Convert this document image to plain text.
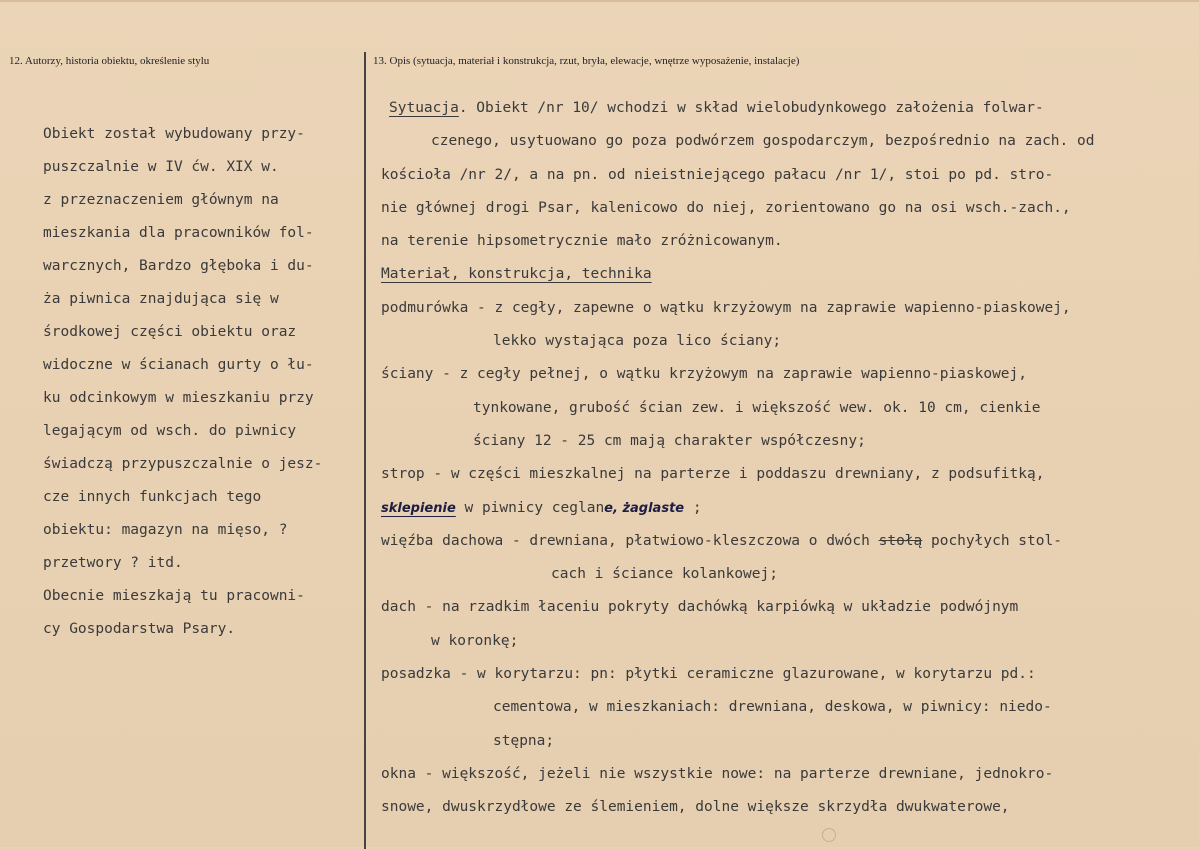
12. Autorzy, historia obiektu, określenie stylu	13. Opis (sytuacja, materiał i konstrukcja, rzut, bryła, elewacje, wnętrze wyposażenie, instalacje)
Obiekt został wybudowany przy-
puszczalnie w IV ćw. XIX w.
z przeznaczeniem głównym na
mieszkania dla pracowników fol-
warcznych, Bardzo głęboka i du-
ża piwnica znajdująca się w
środkowej części obiektu oraz
widoczne w ścianach gurty o łu-
ku odcinkowym w mieszkaniu przy
legającym od wsch. do piwnicy
świadczą przypuszczalnie o jesz-
cze innych funkcjach tego
obiektu: magazyn na mięso, ?
przetwory ? itd.
Obecnie mieszkają tu pracowni-
cy Gospodarstwa Psary.
Sytuacja. Obiekt /nr 10/ wchodzi w skład wielobudynkowego założenia folwar-
czenego, usytuowano go poza podwórzem gospodarczym, bezpośrednio na zach. od
kościoła /nr 2/, a na pn. od nieistniejącego pałacu /nr 1/, stoi po pd. stro-
nie głównej drogi Psar, kalenicowo do niej, zorientowano go na osi wsch.-zach.,
na terenie hipsometrycznie mało zróżnicowanym.
Materiał, konstrukcja, technika
podmurówka - z cegły, zapewne o wątku krzyżowym na zaprawie wapienno-piaskowej,
lekko wystająca poza lico ściany;
ściany - z cegły pełnej, o wątku krzyżowym na zaprawie wapienno-piaskowej,
tynkowane, grubość ścian zew. i większość wew. ok. 10 cm, cienkie
ściany 12 - 25 cm mają charakter współczesny;
strop - w części mieszkalnej na parterze i poddaszu drewniany, z podsufitką,
sklepienie w piwnicy ceglane, żaglaste ;
więźba dachowa - drewniana, płatwiowo-kleszczowa o dwóch stołą pochyłych stol-
cach i ściance kolankowej;
dach - na rzadkim łaceniu pokryty dachówką karpiówką w układzie podwójnym
w koronkę;
posadzka - w korytarzu: pn: płytki ceramiczne glazurowane, w korytarzu pd.:
cementowa, w mieszkaniach: drewniana, deskowa, w piwnicy: niedo-
stępna;
okna - większość, jeżeli nie wszystkie nowe: na parterze drewniane, jednokro-
snowe, dwuskrzydłowe ze ślemieniem, dolne większe skrzydła dwukwaterowe,
